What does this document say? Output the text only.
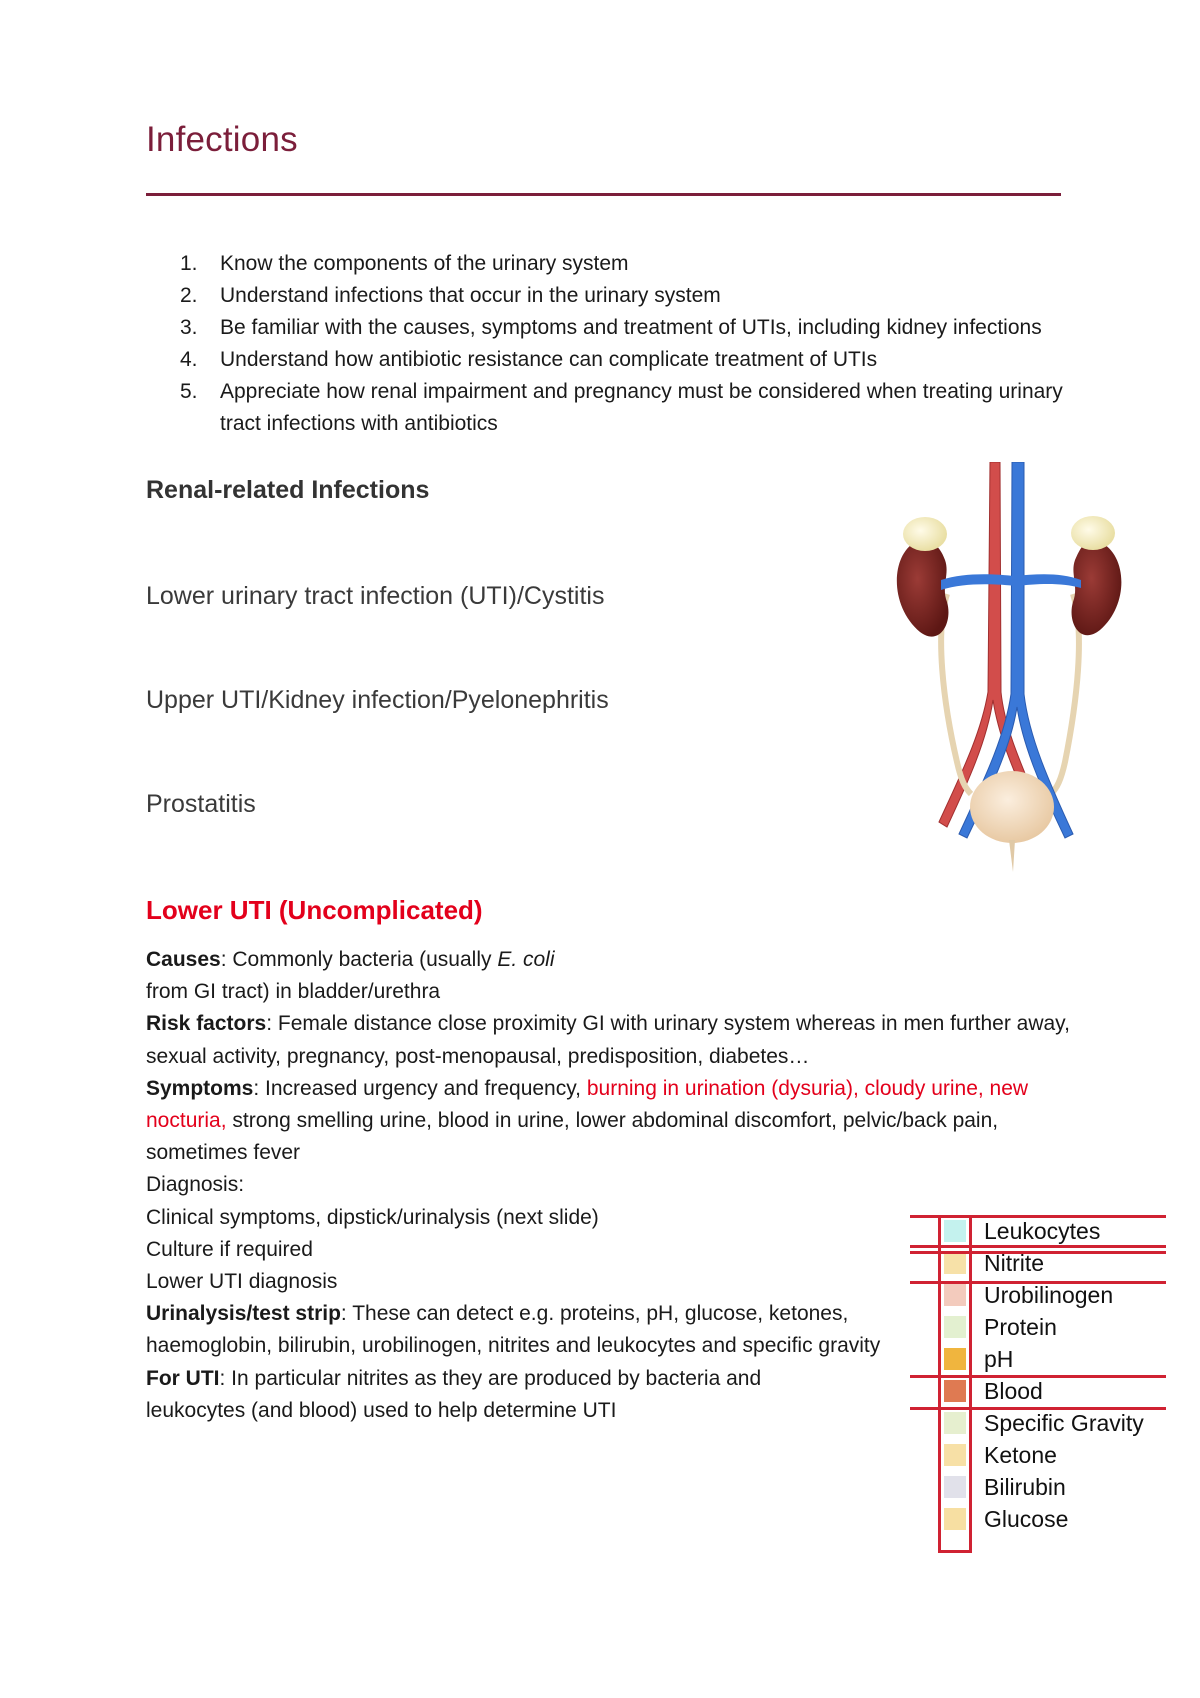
Infections
1. Know the components of the urinary system
2. Understand infections that occur in the urinary system
3. Be familiar with the causes, symptoms and treatment of UTIs, including kidney infections
4. Understand how antibiotic resistance can complicate treatment of UTIs
5. Appreciate how renal impairment and pregnancy must be considered when treating urinary tract infections with antibiotics
Renal-related Infections

Lower urinary tract infection (UTI)/Cystitis

Upper UTI/Kidney infection/Pyelonephritis

Prostatitis

Lower UTI (Uncomplicated)

Causes: Commonly bacteria (usually E. coli

from GI tract) in bladder/urethra

Risk factors: Female distance close proximity GI with urinary system whereas in men further away, sexual activity, pregnancy, post-menopausal, predisposition, diabetes…

Symptoms: Increased urgency and frequency, burning in urination (dysuria), cloudy urine, new nocturia, strong smelling urine, blood in urine, lower abdominal discomfort, pelvic/back pain, sometimes fever

Diagnosis:

Clinical symptoms, dipstick/urinalysis (next slide)

Culture if required

Lower UTI diagnosis

Urinalysis/test strip: These can detect e.g. proteins, pH, glucose, ketones, haemoglobin, bilirubin, urobilinogen, nitrites and leukocytes and specific gravity

For UTI: In particular nitrites as they are produced by bacteria and leukocytes (and blood) used to help determine UTI

Leukocytes
Nitrite
Urobilinogen
Protein
pH
Blood
Specific Gravity
Ketone
Bilirubin
Glucose
